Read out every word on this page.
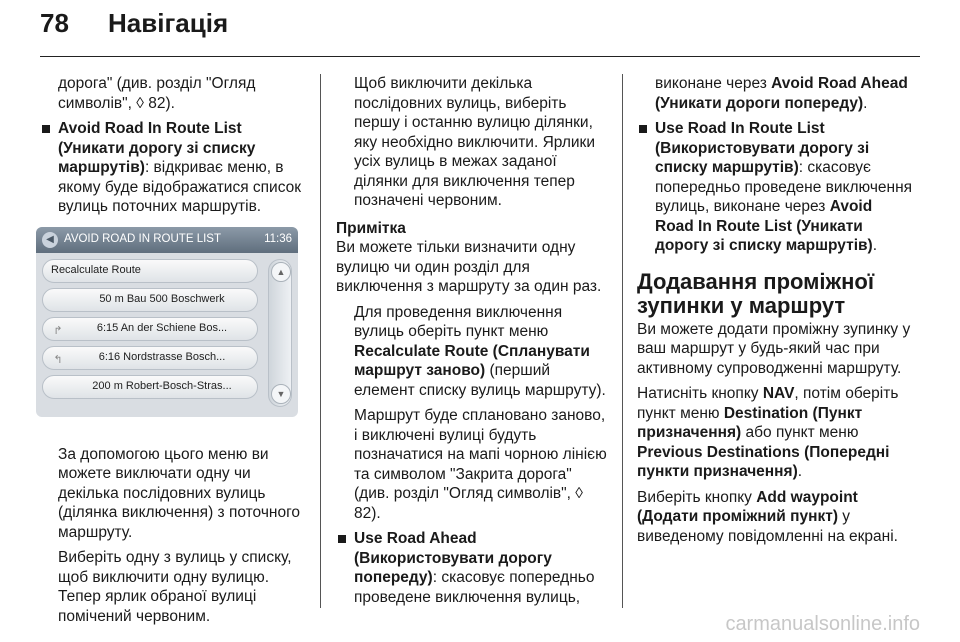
78 Навігація

дорога" (див. розділ "Огляд символів", ◊ 82).

Avoid Road In Route List (Уникати дорогу зі списку маршрутів): відкриває меню, в якому буде відображатися список вулиць поточних маршрутів.
◀ AVOID ROAD IN ROUTE LIST	11:36
Recalculate Route
50 m Bau 500 Boschwerk
↱	6:15 An der Schiene Bos...
↰	6:16 Nordstrasse Bosch...
200 m Robert-Bosch-Stras...
▲
▼

За допомогою цього меню ви можете виключати одну чи декілька послідовних вулиць (ділянка виключення) з поточного маршруту.

Виберіть одну з вулиць у списку, щоб виключити одну вулицю. Тепер ярлик обраної вулиці помічений червоним.

Щоб виключити декілька послідовних вулиць, виберіть першу і останню вулицю ділянки, яку необхідно виключити. Ярлики усіх вулиць в межах заданої ділянки для виключення тепер позначені червоним.

Примітка

Ви можете тільки визначити одну вулицю чи один розділ для виключення з маршруту за один раз.

Для проведення виключення вулиць оберіть пункт меню Recalculate Route (Спланувати маршрут заново) (перший елемент списку вулиць маршруту).

Маршрут буде сплановано заново, і виключені вулиці будуть позначатися на мапі чорною лінією та символом "Закрита дорога" (див. розділ "Огляд символів", ◊ 82).

Use Road Ahead (Використовувати дорогу попереду): скасовує попередньо проведене виключення вулиць,

виконане через Avoid Road Ahead (Уникати дороги попереду).

Use Road In Route List (Використовувати дорогу зі списку маршрутів): скасовує попередньо проведене виключення вулиць, виконане через Avoid Road In Route List (Уникати дорогу зі списку маршрутів).
Додавання проміжної зупинки у маршрут

Ви можете додати проміжну зупинку у ваш маршрут у будь-який час при активному супроводженні маршруту.

Натисніть кнопку NAV, потім оберіть пункт меню Destination (Пункт призначення) або пункт меню Previous Destinations (Попередні пункти призначення).

Виберіть кнопку Add waypoint (Додати проміжний пункт) у виведеному повідомленні на екрані.

carmanualsonline.info
